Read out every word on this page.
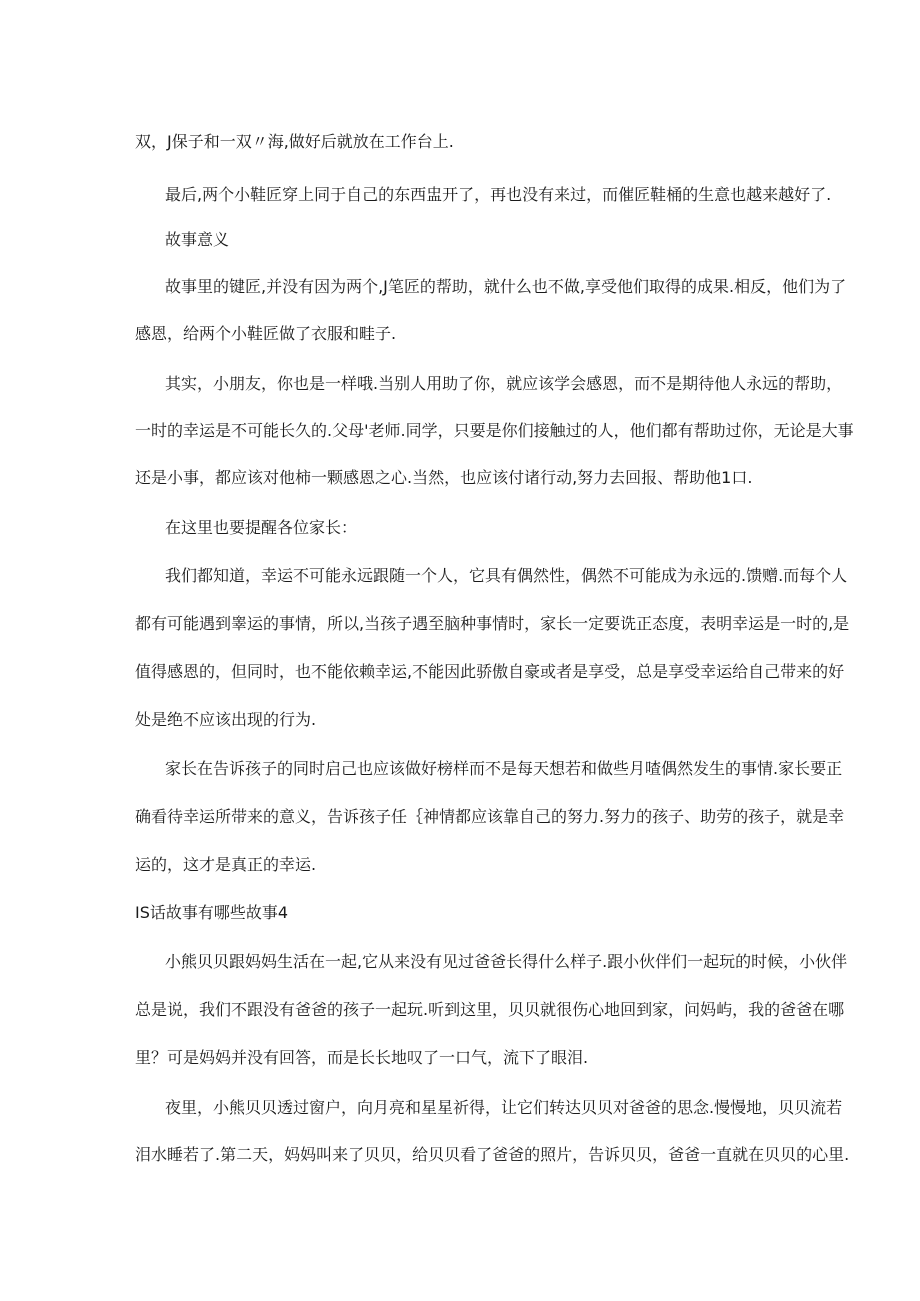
双，J保子和一双〃海,做好后就放在工作台上.
最后,两个小鞋匠穿上同于自己的东西盅开了，再也没有来过，而催匠鞋桶的生意也越来越好了.
故事意义
故事里的键匠,并没有因为两个,J笔匠的帮助，就什么也不做,享受他们取得的成果.相反，他们为了
感恩，给两个小鞋匠做了衣服和畦子.
其实，小朋友，你也是一样哦.当别人用助了你，就应该学会感恩，而不是期待他人永远的帮助，
一时的幸运是不可能长久的.父母'老师.同学，只要是你们接触过的人，他们都有帮助过你，无论是大事
还是小事，都应该对他柿一颗感恩之心.当然，也应该付诸行动,努力去回报、帮助他1口.
在这里也要提醒各位家长：
我们都知道，幸运不可能永远跟随一个人，它具有偶然性，偶然不可能成为永远的.馈赠.而每个人
都有可能遇到睾运的事情，所以,当孩子遇至脑种事情时，家长一定要诜正态度，表明幸运是一时的,是
值得感恩的，但同时，也不能依赖幸运,不能因此骄傲自豪或者是享受，总是享受幸运给自己带来的好
处是绝不应该出现的行为.
家长在告诉孩子的同时启己也应该做好榜样而不是每天想若和做些月喳偶然发生的事情.家长要正
确看待幸运所带来的意义，告诉孩子任｛神情都应该靠自己的努力.努力的孩子、助劳的孩子，就是幸
运的，这才是真正的幸运.
IS话故事有哪些故事4
小熊贝贝跟妈妈生活在一起,它从来没有见过爸爸长得什么样子.跟小伙伴们一起玩的时候，小伙伴
总是说，我们不跟没有爸爸的孩子一起玩.听到这里，贝贝就很伤心地回到家，问妈屿，我的爸爸在哪
里？可是妈妈并没有回答，而是长长地叹了一口气，流下了眼泪.
夜里，小熊贝贝透过窗户，向月亮和星星祈得，让它们转达贝贝对爸爸的思念.慢慢地，贝贝流若
泪水睡若了.第二天，妈妈叫来了贝贝，给贝贝看了爸爸的照片，告诉贝贝，爸爸一直就在贝贝的心里.
